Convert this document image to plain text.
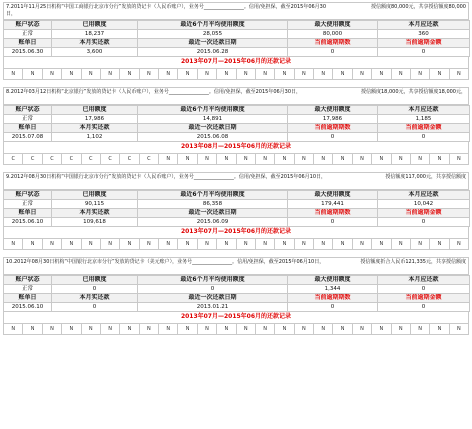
7.2011年11月25日机构“中国工商银行北京市分行”发放的贷记卡（人民币账户），业务号________________。信用/免担保，截至2015年06月30日，
授信额度80,000元，共享授信额度80,000
账户状态	已用额度	最近6个月平均使用额度	最大使用额度	本月应还款
正常	18,237	28,055	80,000	360
账单日	本月实还款	最近一次还款日期	当前逾期期数	当前逾期金额
2015.06.30	3,600	2015.06.28	0	0
2013年07月—2015年06月的还款记录
N	N	N	N	N	N	N	N	N	N	N	N	N	N	N	N	N	N	N	N	N	N	N	N
8.2012年03月12日机构“北京银行”发放的贷记卡（人民币账户），业务号________________。信用/免担保，截至2015年06月30日，	授信额度18,000元，共享授信额度18,000元，
账户状态	已用额度	最近6个月平均使用额度	最大使用额度	本月应还款
正常	17,986	14,891	17,986	1,185
账单日	本月实还款	最近一次还款日期	当前逾期期数	当前逾期金额
2015.07.08	1,102	2015.06.08	0	0
2013年08月—2015年06月的还款记录
C	C	C	C	C	C	C	C	N	N	N	N	N	N	N	N	N	N	N	N	N	N	N	N
9.2012年08月30日机构“中国银行北京市分行”发放的贷记卡（人民币账户），业务号________________。信用/免担保，截至2015年06月10日，	授信额度117,000元，共享授信额度
账户状态	已用额度	最近6个月平均使用额度	最大使用额度	本月应还款
正常	90,115	86,358	179,441	10,042
账单日	本月实还款	最近一次还款日期	当前逾期期数	当前逾期金额
2015.06.10	109,618	2015.06.09	0	0
2013年07月—2015年06月的还款记录
N	N	N	N	N	N	N	N	N	N	N	N	N	N	N	N	N	N	N	N	N	N	N	N
10.2012年08月30日机构“中国银行北京市分行”发放的贷记卡（美元账户），业务号________________。信用/免担保，截至2015年06月10日，	授信额度折合人民币121,335元，共享授信额度
账户状态	已用额度	最近6个月平均使用额度	最大使用额度	本月应还款
正常	0	0	1,344	0
账单日	本月实还款	最近一次还款日期	当前逾期期数	当前逾期金额
2015.06.10	0	2013.01.21	0	0
2013年07月—2015年06月的还款记录
N	N	N	N	N	N	N	N	N	N	N	N	N	N	N	N	N	N	N	N	N	N	N	N
